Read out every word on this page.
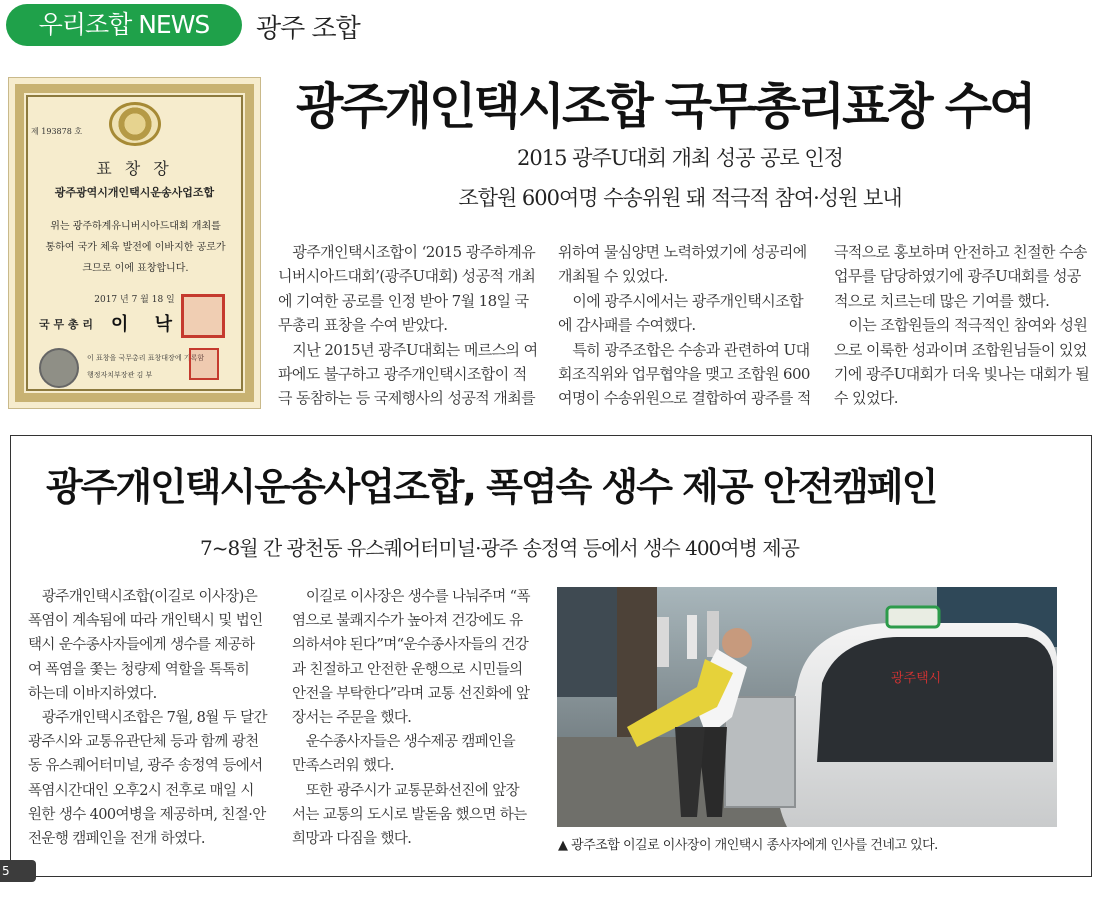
우리조합 NEWS	광주 조합
제 193878 호
표 창 장
광주광역시개인택시운송사업조합
위는 광주하계유니버시아드대회 개최를
통하여 국가 체육 발전에 이바지한 공로가
크므로 이에 표창합니다.
2017 년 7 월 18 일
국 무 총 리 이 낙
이 표창을 국무총리 표창대장에 기록함
행정자치부장관 김 부
광주개인택시조합 국무총리표창 수여
2015 광주U대회 개최 성공 공로 인정
조합원 600여명 수송위원 돼 적극적 참여·성원 보내
　광주개인택시조합이 ‘2015 광주하계유
니버시아드대회’(광주U대회) 성공적 개최
에 기여한 공로를 인정 받아 7월 18일 국
무총리 표창을 수여 받았다.
　지난 2015년 광주U대회는 메르스의 여
파에도 불구하고 광주개인택시조합이 적
극 동참하는 등 국제행사의 성공적 개최를
위하여 물심양면 노력하였기에 성공리에
개최될 수 있었다.
　이에 광주시에서는 광주개인택시조합
에 감사패를 수여했다.
　특히 광주조합은 수송과 관련하여 U대
회조직위와 업무협약을 맺고 조합원 600
여명이 수송위원으로 결합하여 광주를 적
극적으로 홍보하며 안전하고 친절한 수송
업무를 담당하였기에 광주U대회를 성공
적으로 치르는데 많은 기여를 했다.
　이는 조합원들의 적극적인 참여와 성원
으로 이룩한 성과이며 조합원님들이 있었
기에 광주U대회가 더욱 빛나는 대회가 될
수 있었다.
광주개인택시운송사업조합, 폭염속 생수 제공 안전캠페인
7~8월 간 광천동 유스퀘어터미널·광주 송정역 등에서 생수 400여병 제공
　광주개인택시조합(이길로 이사장)은
폭염이 계속됨에 따라 개인택시 및 법인
택시 운수종사자들에게 생수를 제공하
여 폭염을 쫓는 청량제 역할을 톡톡히
하는데 이바지하였다.
　광주개인택시조합은 7월, 8월 두 달간
광주시와 교통유관단체 등과 함께 광천
동 유스퀘어터미널, 광주 송정역 등에서
폭염시간대인 오후2시 전후로 매일 시
원한 생수 400여병을 제공하며, 친절·안
전운행 캠페인을 전개 하였다.
　이길로 이사장은 생수를 나눠주며 “폭
염으로 불쾌지수가 높아져 건강에도 유
의하셔야 된다”며“운수종사자들의 건강
과 친절하고 안전한 운행으로 시민들의
안전을 부탁한다”라며 교통 선진화에 앞
장서는 주문을 했다.
　운수종사자들은 생수제공 캠페인을
만족스러워 했다.
　또한 광주시가 교통문화선진에 앞장
서는 교통의 도시로 발돋움 했으면 하는
희망과 다짐을 했다.
광주택시
▲ 광주조합 이길로 이사장이 개인택시 종사자에게 인사를 건네고 있다.
5 mm
